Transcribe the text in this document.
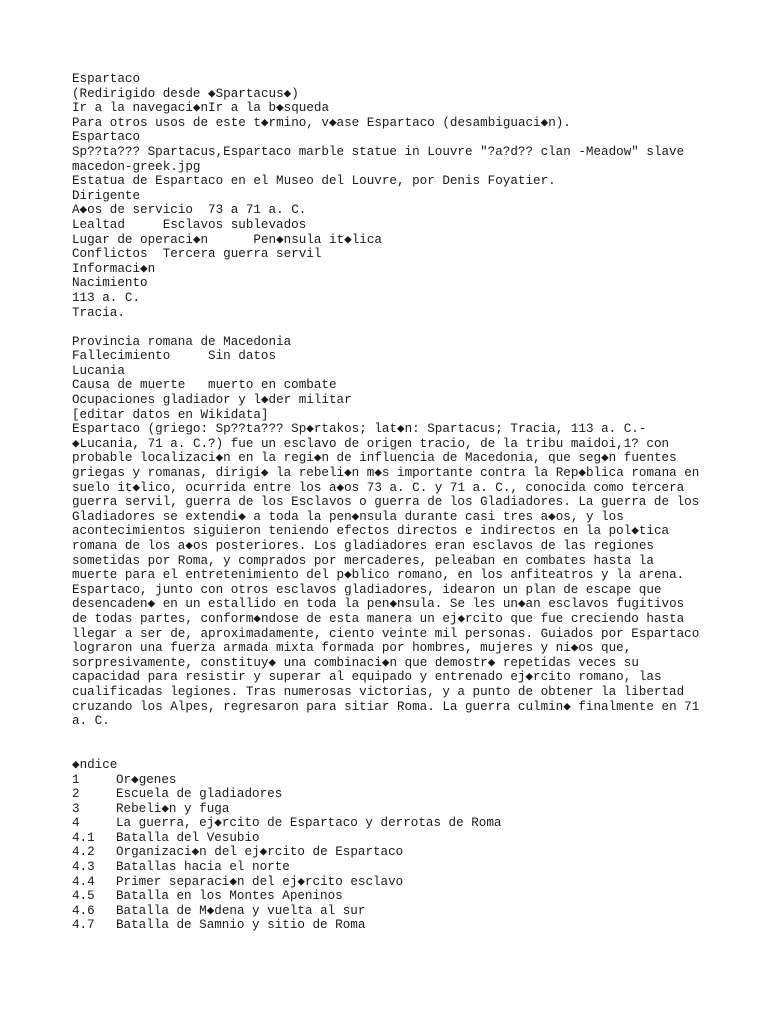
Espartaco
(Redirigido desde ◆Spartacus◆)
Ir a la navegaci◆nIr a la b◆squeda
Para otros usos de este t◆rmino, v◆ase Espartaco (desambiguaci◆n).
Espartaco
Sp??ta??? Spartacus,Espartaco marble statue in Louvre "?a?d?? clan -Meadow" slave
macedon-greek.jpg
Estatua de Espartaco en el Museo del Louvre, por Denis Foyatier.
Dirigente
A◆os de servicio  73 a 71 a. C.
Lealtad     Esclavos sublevados
Lugar de operaci◆n      Pen◆nsula it◆lica
Conflictos  Tercera guerra servil
Informaci◆n
Nacimiento
113 a. C.
Tracia.
Provincia romana de Macedonia
Fallecimiento     Sin datos
Lucania
Causa de muerte   muerto en combate
Ocupaciones gladiador y l◆der militar
[editar datos en Wikidata]
Espartaco (griego: Sp??ta??? Sp◆rtakos; lat◆n: Spartacus; Tracia, 113 a. C.-
◆Lucania, 71 a. C.?) fue un esclavo de origen tracio, de la tribu maidoi,1? con
probable localizaci◆n en la regi◆n de influencia de Macedonia, que seg◆n fuentes
griegas y romanas, dirigi◆ la rebeli◆n m◆s importante contra la Rep◆blica romana en
suelo it◆lico, ocurrida entre los a◆os 73 a. C. y 71 a. C., conocida como tercera
guerra servil, guerra de los Esclavos o guerra de los Gladiadores. La guerra de los
Gladiadores se extendi◆ a toda la pen◆nsula durante casi tres a◆os, y los
acontecimientos siguieron teniendo efectos directos e indirectos en la pol◆tica
romana de los a◆os posteriores. Los gladiadores eran esclavos de las regiones
sometidas por Roma, y comprados por mercaderes, peleaban en combates hasta la
muerte para el entretenimiento del p◆blico romano, en los anfiteatros y la arena.
Espartaco, junto con otros esclavos gladiadores, idearon un plan de escape que
desencaden◆ en un estallido en toda la pen◆nsula. Se les un◆an esclavos fugitivos
de todas partes, conform◆ndose de esta manera un ej◆rcito que fue creciendo hasta
llegar a ser de, aproximadamente, ciento veinte mil personas. Guiados por Espartaco
lograron una fuerza armada mixta formada por hombres, mujeres y ni◆os que,
sorpresivamente, constituy◆ una combinaci◆n que demostr◆ repetidas veces su
capacidad para resistir y superar al equipado y entrenado ej◆rcito romano, las
cualificadas legiones. Tras numerosas victorias, y a punto de obtener la libertad
cruzando los Alpes, regresaron para sitiar Roma. La guerra culmin◆ finalmente en 71
a. C.
◆ndice
1	Or◆genes
2	Escuela de gladiadores
3	Rebeli◆n y fuga
4	La guerra, ej◆rcito de Espartaco y derrotas de Roma
4.1	Batalla del Vesubio
4.2	Organizaci◆n del ej◆rcito de Espartaco
4.3	Batallas hacia el norte
4.4	Primer separaci◆n del ej◆rcito esclavo
4.5	Batalla en los Montes Apeninos
4.6	Batalla de M◆dena y vuelta al sur
4.7	Batalla de Samnio y sitio de Roma
